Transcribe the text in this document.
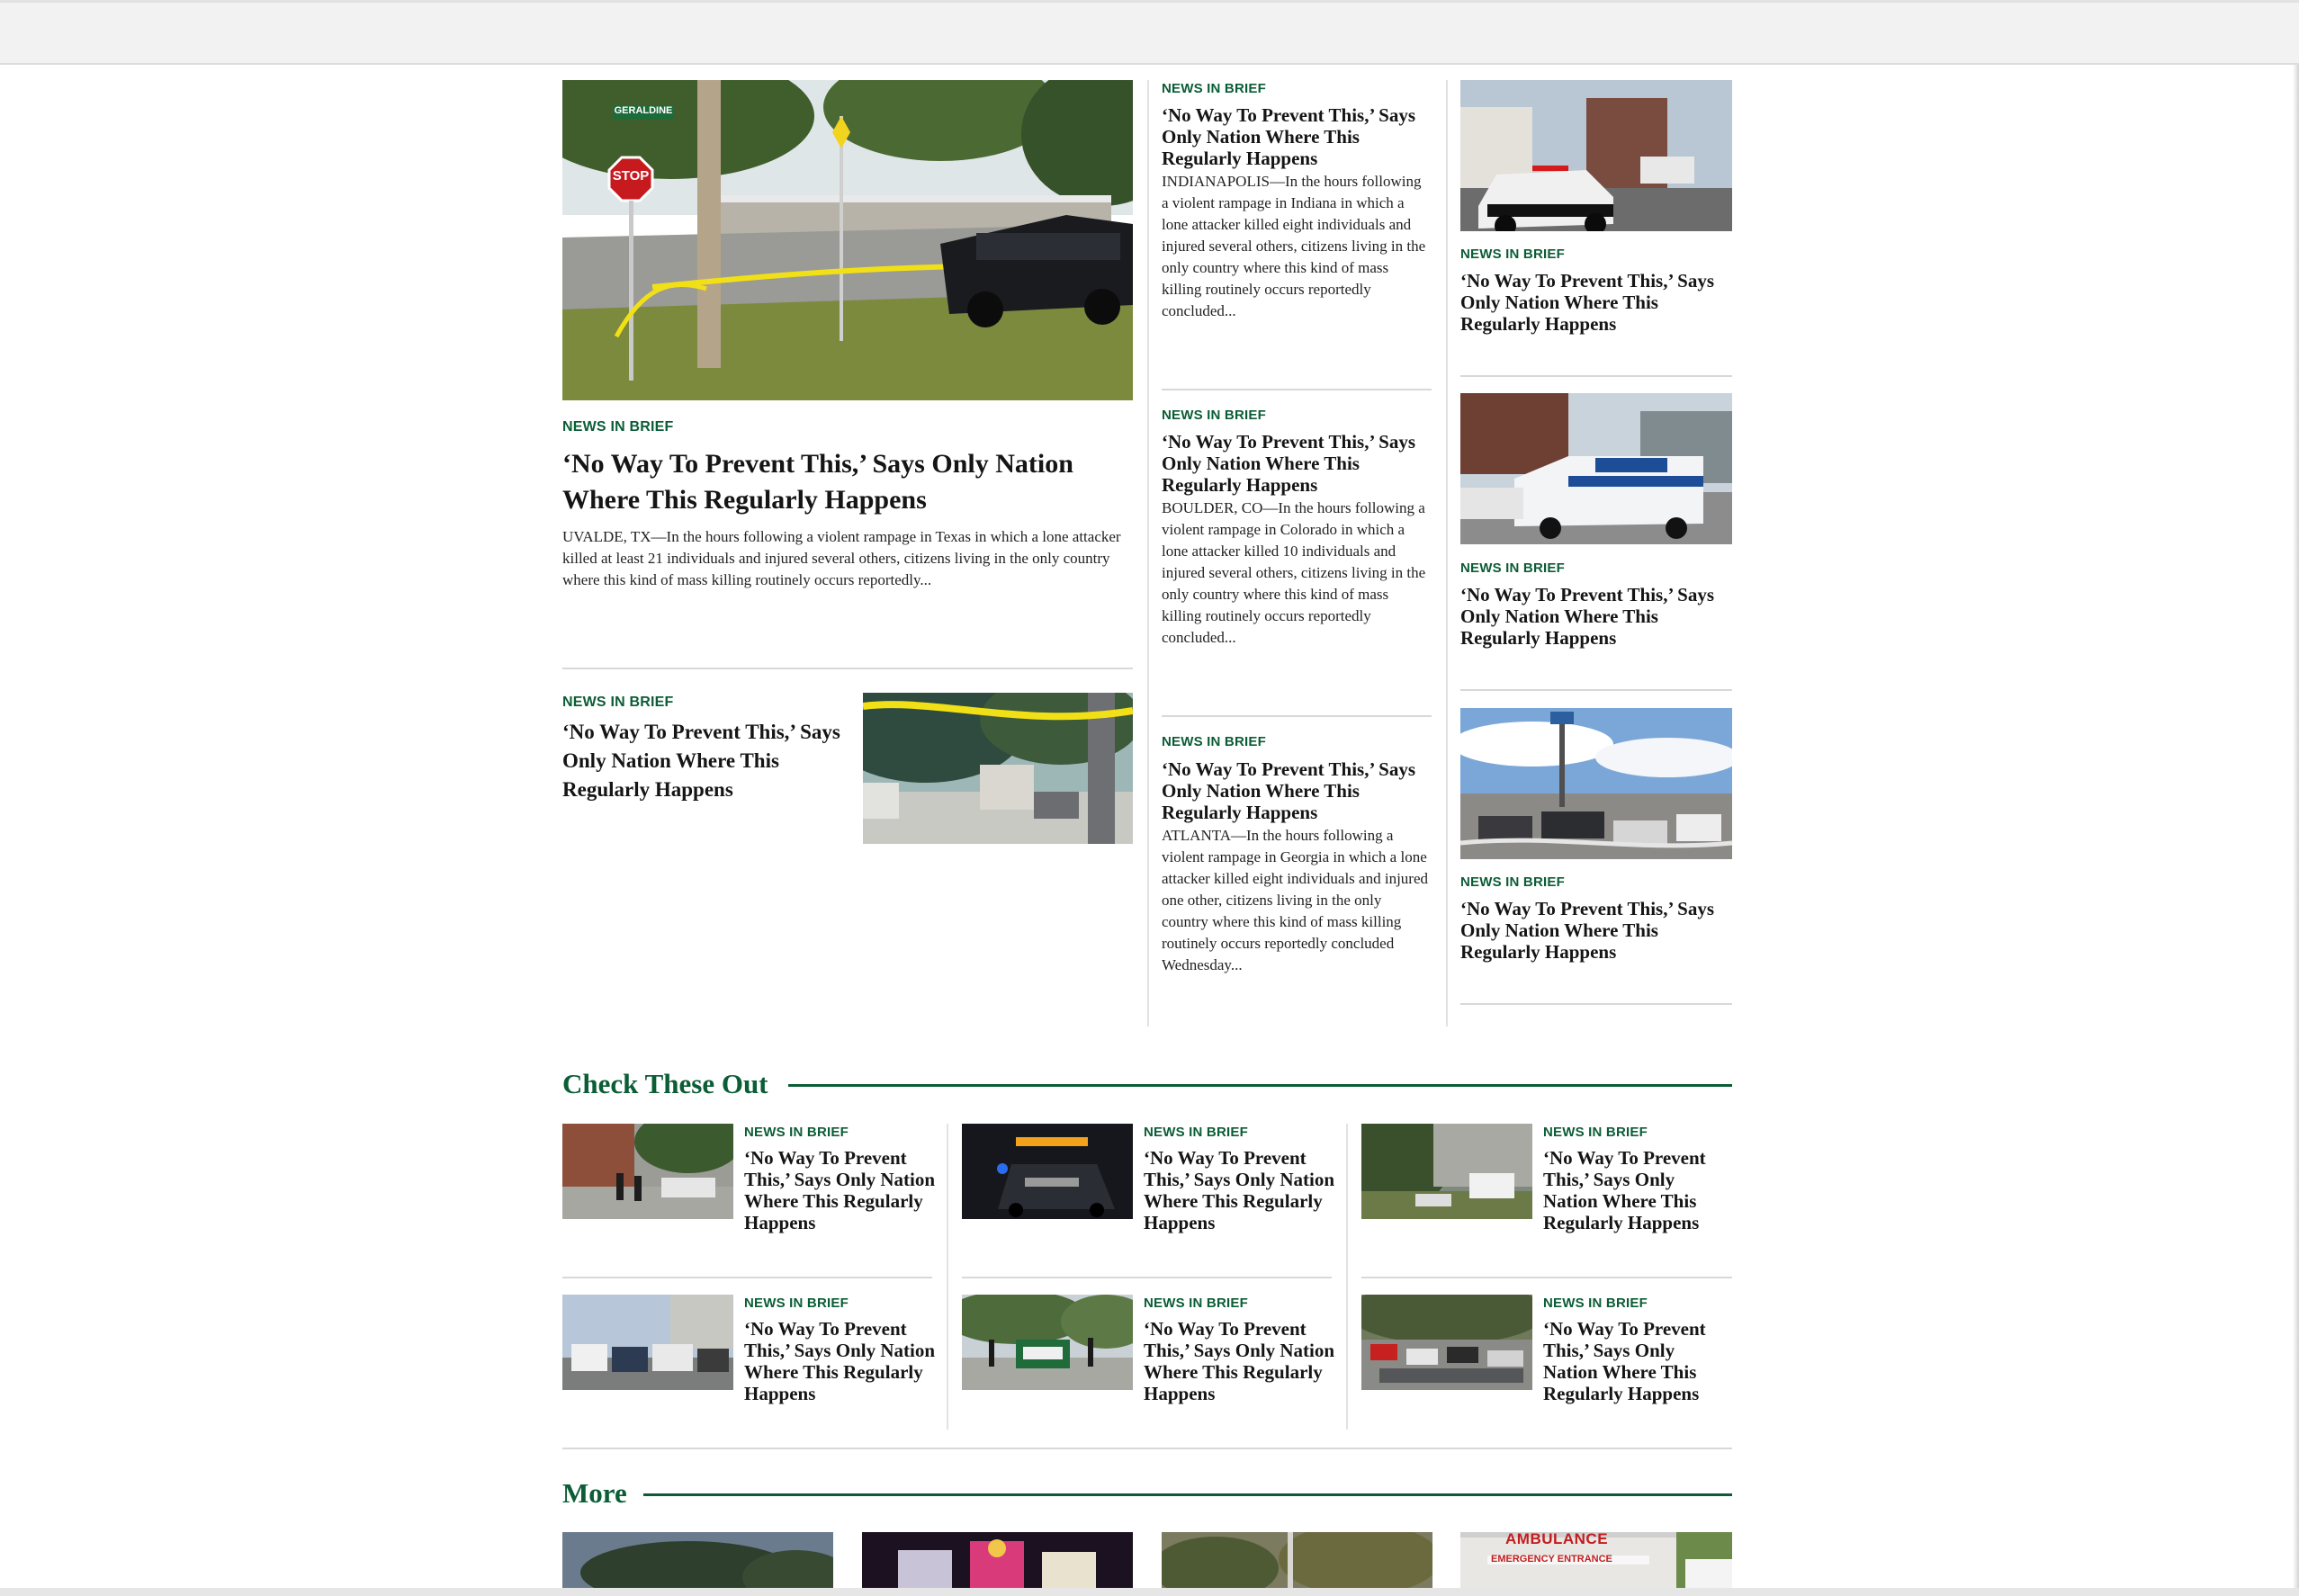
GERALDINE
STOP
NEWS IN BRIEF
‘No Way To Prevent This,’ Says Only Nation Where This Regularly Happens
UVALDE, TX—In the hours following a violent rampage in Texas in which a lone attacker killed at least 21 individuals and injured several others, citizens living in the only country where this kind of mass killing routinely occurs reportedly...
NEWS IN BRIEF
‘No Way To Prevent This,’ Says Only Nation Where This Regularly Happens
NEWS IN BRIEF
‘No Way To Prevent This,’ Says Only Nation Where This Regularly Happens
INDIANAPOLIS—In the hours following a violent rampage in Indiana in which a lone attacker killed eight individuals and injured several others, citizens living in the only country where this kind of mass killing routinely occurs reportedly concluded...
NEWS IN BRIEF
‘No Way To Prevent This,’ Says Only Nation Where This Regularly Happens
BOULDER, CO—In the hours following a violent rampage in Colorado in which a lone attacker killed 10 individuals and injured several others, citizens living in the only country where this kind of mass killing routinely occurs reportedly concluded...
NEWS IN BRIEF
‘No Way To Prevent This,’ Says Only Nation Where This Regularly Happens
ATLANTA—In the hours following a violent rampage in Georgia in which a lone attacker killed eight individuals and injured one other, citizens living in the only country where this kind of mass killing routinely occurs reportedly concluded Wednesday...
NEWS IN BRIEF
‘No Way To Prevent This,’ Says Only Nation Where This Regularly Happens
NEWS IN BRIEF
‘No Way To Prevent This,’ Says Only Nation Where This Regularly Happens
NEWS IN BRIEF
‘No Way To Prevent This,’ Says Only Nation Where This Regularly Happens
Check These Out
NEWS IN BRIEF
‘No Way To Prevent This,’ Says Only Nation Where This Regularly Happens
NEWS IN BRIEF
‘No Way To Prevent This,’ Says Only Nation Where This Regularly Happens
NEWS IN BRIEF
‘No Way To Prevent This,’ Says Only Nation Where This Regularly Happens
NEWS IN BRIEF
‘No Way To Prevent This,’ Says Only Nation Where This Regularly Happens
NEWS IN BRIEF
‘No Way To Prevent This,’ Says Only Nation Where This Regularly Happens
NEWS IN BRIEF
‘No Way To Prevent This,’ Says Only Nation Where This Regularly Happens
More
AMBULANCE
EMERGENCY ENTRANCE
